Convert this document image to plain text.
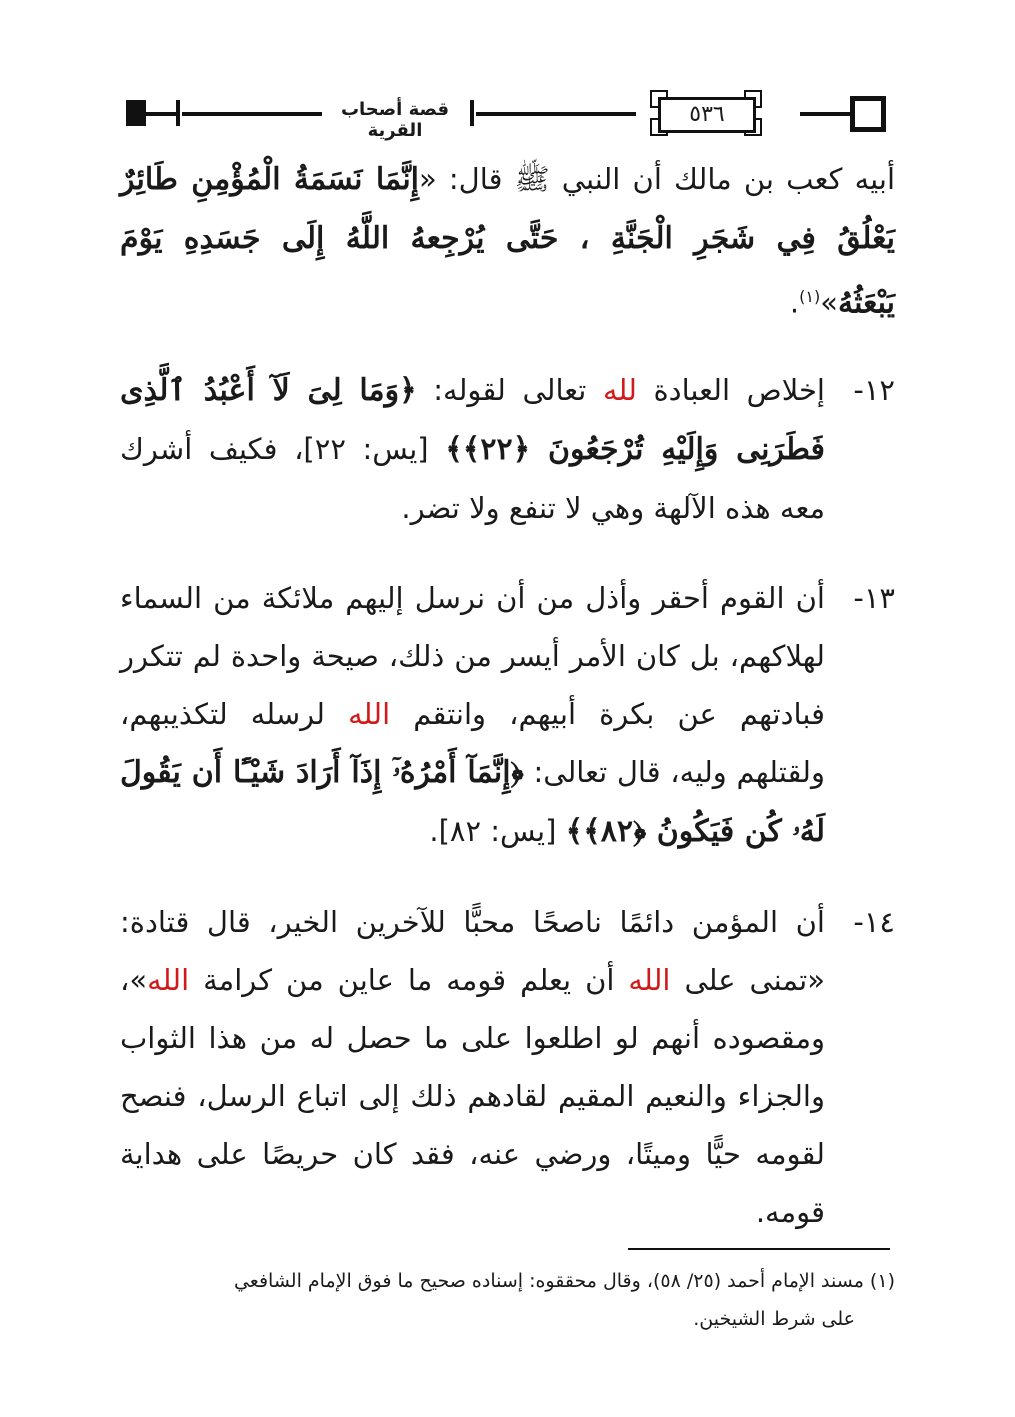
قصة أصحاب القرية
٥٣٦

أبيه كعب بن مالك أن النبي ﷺ قال: «إِنَّمَا نَسَمَةُ الْمُؤْمِنِ طَائِرٌ يَعْلُقُ فِي شَجَرِ الْجَنَّةِ ، حَتَّى يُرْجِعهُ اللَّهُ إِلَى جَسَدِهِ يَوْمَ يَبْعَثُهُ»$^{(١)}$.

١٢-
إخلاص العبادة لله تعالى لقوله: ﴿وَمَا لِىَ لَآ أَعْبُدُ ٱلَّذِى فَطَرَنِى وَإِلَيْهِ تُرْجَعُونَ ﴿٢٢﴾﴾ [يس: ٢٢]، فكيف أشرك معه هذه الآلهة وهي لا تنفع ولا تضر.

١٣-
أن القوم أحقر وأذل من أن نرسل إليهم ملائكة من السماء لهلاكهم، بل كان الأمر أيسر من ذلك، صيحة واحدة لم تتكرر فبادتهم عن بكرة أبيهم، وانتقم الله لرسله لتكذيبهم، ولقتلهم وليه، قال تعالى: ﴿إِنَّمَآ أَمْرُهُۥٓ إِذَآ أَرَادَ شَيْـًٔا أَن يَقُولَ لَهُۥ كُن فَيَكُونُ ﴿٨٢﴾﴾ [يس: ٨٢].

١٤-
أن المؤمن دائمًا ناصحًا محبًّا للآخرين الخير، قال قتادة: «تمنى على الله أن يعلم قومه ما عاين من كرامة الله»، ومقصوده أنهم لو اطلعوا على ما حصل له من هذا الثواب والجزاء والنعيم المقيم لقادهم ذلك إلى اتباع الرسل، فنصح لقومه حيًّا وميتًا، ورضي عنه، فقد كان حريصًا على هداية قومه.

(١) مسند الإمام أحمد (٢٥/ ٥٨)، وقال محققوه: إسناده صحيح ما فوق الإمام الشافعي
على شرط الشيخين.
